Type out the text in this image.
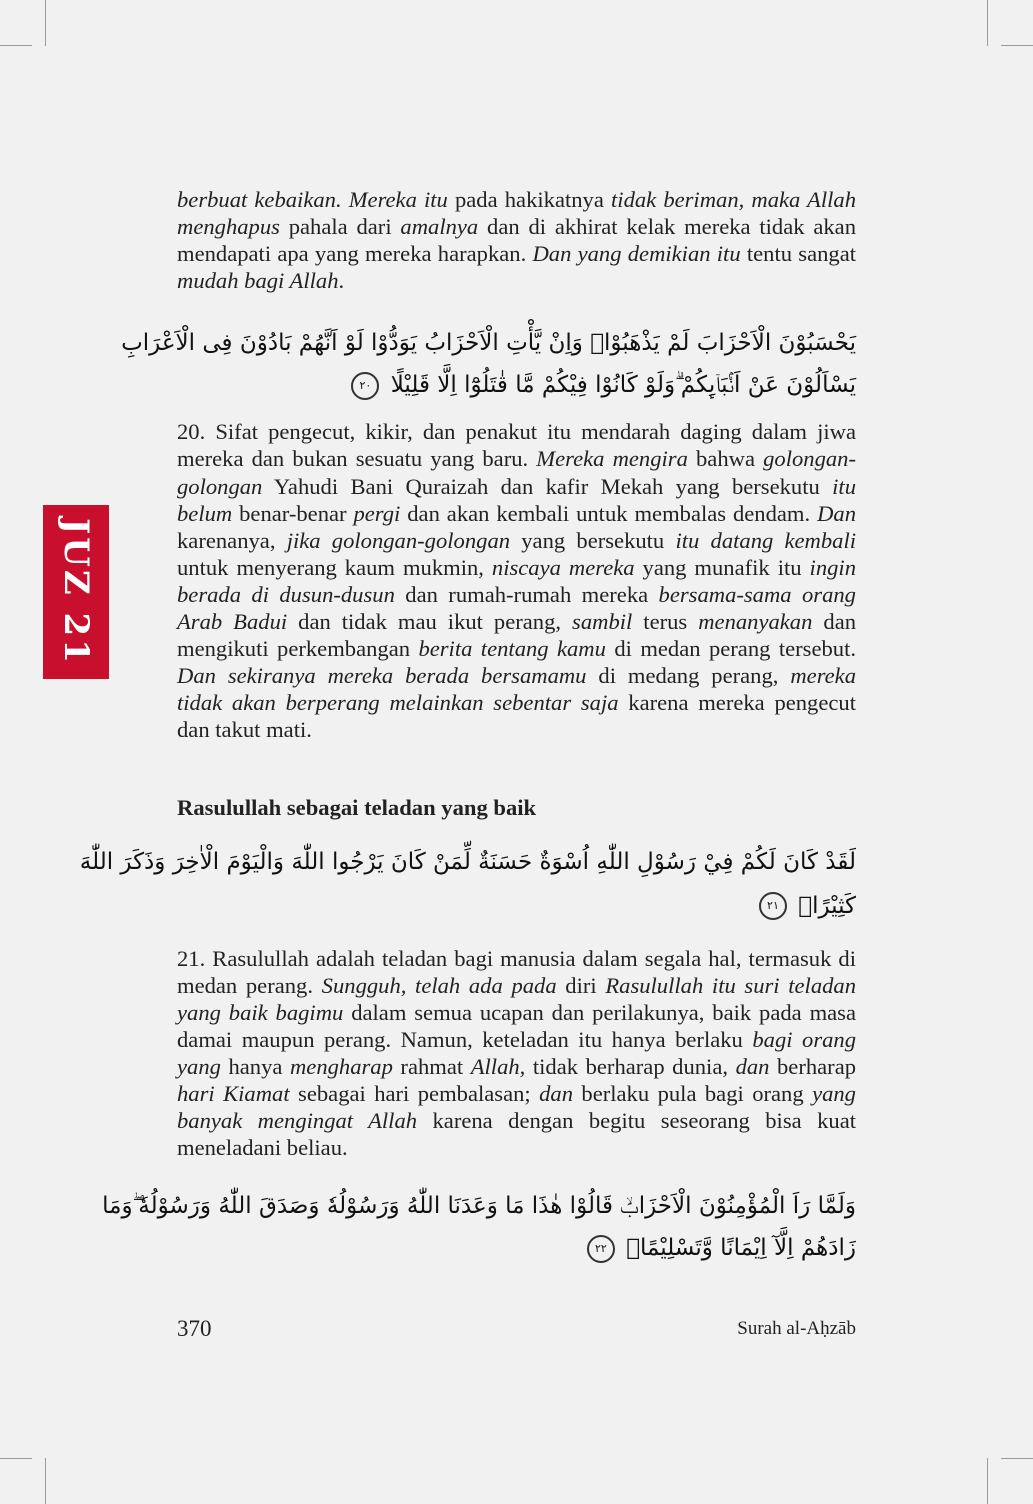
JUZ 21

berbuat kebaikan. Mereka itu pada hakikatnya tidak beriman, maka Allah menghapus pahala dari amalnya dan di akhirat kelak mereka tidak akan mendapati apa yang mereka harapkan. Dan yang demikian itu tentu sangat mudah bagi Allah.

يَحْسَبُوْنَ الْاَحْزَابَ لَمْ يَذْهَبُوْاۚ وَاِنْ يَّأْتِ الْاَحْزَابُ يَوَدُّوْا لَوْ اَنَّهُمْ بَادُوْنَ فِى الْاَعْرَابِ
يَسْاَلُوْنَ عَنْ اَنْۢبَاۤىِٕكُمْ ۗوَلَوْ كَانُوْا فِيْكُمْ مَّا قٰتَلُوْٓا اِلَّا قَلِيْلًا ٢٠

20. Sifat pengecut, kikir, dan penakut itu mendarah daging dalam jiwa mereka dan bukan sesuatu yang baru. Mereka mengira bahwa golongan-golongan Yahudi Bani Quraizah dan kafir Mekah yang bersekutu itu belum benar-benar pergi dan akan kembali untuk membalas dendam. Dan karenanya, jika golongan-golongan yang bersekutu itu datang kembali untuk menyerang kaum mukmin, niscaya mereka yang munafik itu ingin berada di dusun-dusun dan rumah-rumah mereka bersama-sama orang Arab Badui dan tidak mau ikut perang, sambil terus menanyakan dan mengikuti perkembangan berita tentang kamu di medan perang tersebut. Dan sekiranya mereka berada bersamamu di medang perang, mereka tidak akan berperang melainkan sebentar saja karena mereka pengecut dan takut mati.

Rasulullah sebagai teladan yang baik
لَقَدْ كَانَ لَكُمْ فِيْ رَسُوْلِ اللّٰهِ اُسْوَةٌ حَسَنَةٌ لِّمَنْ كَانَ يَرْجُوا اللّٰهَ وَالْيَوْمَ الْاٰخِرَ وَذَكَرَ اللّٰهَ
كَثِيْرًاۗ ٢١

21. Rasulullah adalah teladan bagi manusia dalam segala hal, termasuk di medan perang. Sungguh, telah ada pada diri Rasulullah itu suri teladan yang baik bagimu dalam semua ucapan dan perilakunya, baik pada masa damai maupun perang. Namun, keteladan itu hanya berlaku bagi orang yang hanya mengharap rahmat Allah, tidak berharap dunia, dan berharap hari Kiamat sebagai hari pembalasan; dan berlaku pula bagi orang yang banyak mengingat Allah karena dengan begitu seseorang bisa kuat meneladani beliau.

وَلَمَّا رَاَ الْمُؤْمِنُوْنَ الْاَحْزَابَۙ قَالُوْا هٰذَا مَا وَعَدَنَا اللّٰهُ وَرَسُوْلُهٗ وَصَدَقَ اللّٰهُ وَرَسُوْلُهٗ ۖوَمَا
زَادَهُمْ اِلَّآ اِيْمَانًا وَّتَسْلِيْمًاۗ ٢٢
370	Surah al-Aḥzāb
